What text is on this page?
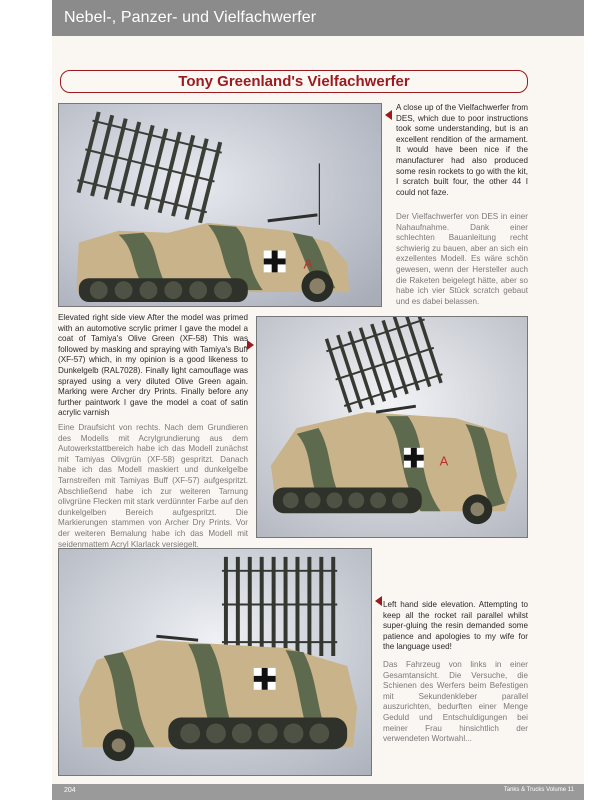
Nebel-, Panzer- und Vielfachwerfer
Tony Greenland's Vielfachwerfer
A
A close up of the Vielfachwerfer from DES, which due to poor instructions took some understanding, but is an excellent rendition of the armament. It would have been nice if the manufacturer had also produced some resin rockets to go with the kit, I scratch built four, the other 44 I could not faze.
Der Vielfachwerfer von DES in einer Nahaufnahme. Dank einer schlechten Bauanleitung recht schwierig zu bauen, aber an sich ein exzellentes Modell. Es wäre schön gewesen, wenn der Hersteller auch die Raketen beigelegt hätte, aber so habe ich vier Stück scratch gebaut und es dabei belassen.
Elevated right side view After the model was primed with an automotive scrylic primer I gave the model a coat of Tamiya's Olive Green (XF-58) This was followed by masking and spraying with Tamiya's Buff (XF-57) which, in my opinion is a good likeness to Dunkelgelb (RAL7028). Finally light camouflage was sprayed using a very diluted Olive Green again. Marking were Archer dry Prints. Finally before any further paintwork I gave the model a coat of satin acrylic varnish
Eine Draufsicht von rechts. Nach dem Grundieren des Modells mit Acrylgrundierung aus dem Autowerkstattbereich habe ich das Modell zunächst mit Tamiyas Olivgrün (XF-58) gespritzt. Danach habe ich das Modell maskiert und dunkelgelbe Tarnstreifen mit Tamiyas Buff (XF-57) aufgespritzt. Abschließend habe ich zur weiteren Tarnung olivgrüne Flecken mit stark verdünnter Farbe auf den dunkelgelben Bereich aufgespritzt. Die Markierungen stammen von Archer Dry Prints. Vor der weiteren Bemalung habe ich das Modell mit seidenmattem Acryl Klarlack versiegelt.
A
Left hand side elevation. Attempting to keep all the rocket rail parallel whilst super-gluing the resin demanded some patience and apologies to my wife for the language used!
Das Fahrzeug von links in einer Gesamtansicht. Die Versuche, die Schienen des Werfers beim Befestigen mit Sekundenkleber parallel auszurichten, bedurften einer Menge Geduld und Entschuldigungen bei meiner Frau hinsichtlich der verwendeten Wortwahl...
204	Tanks & Trucks Volume 11
